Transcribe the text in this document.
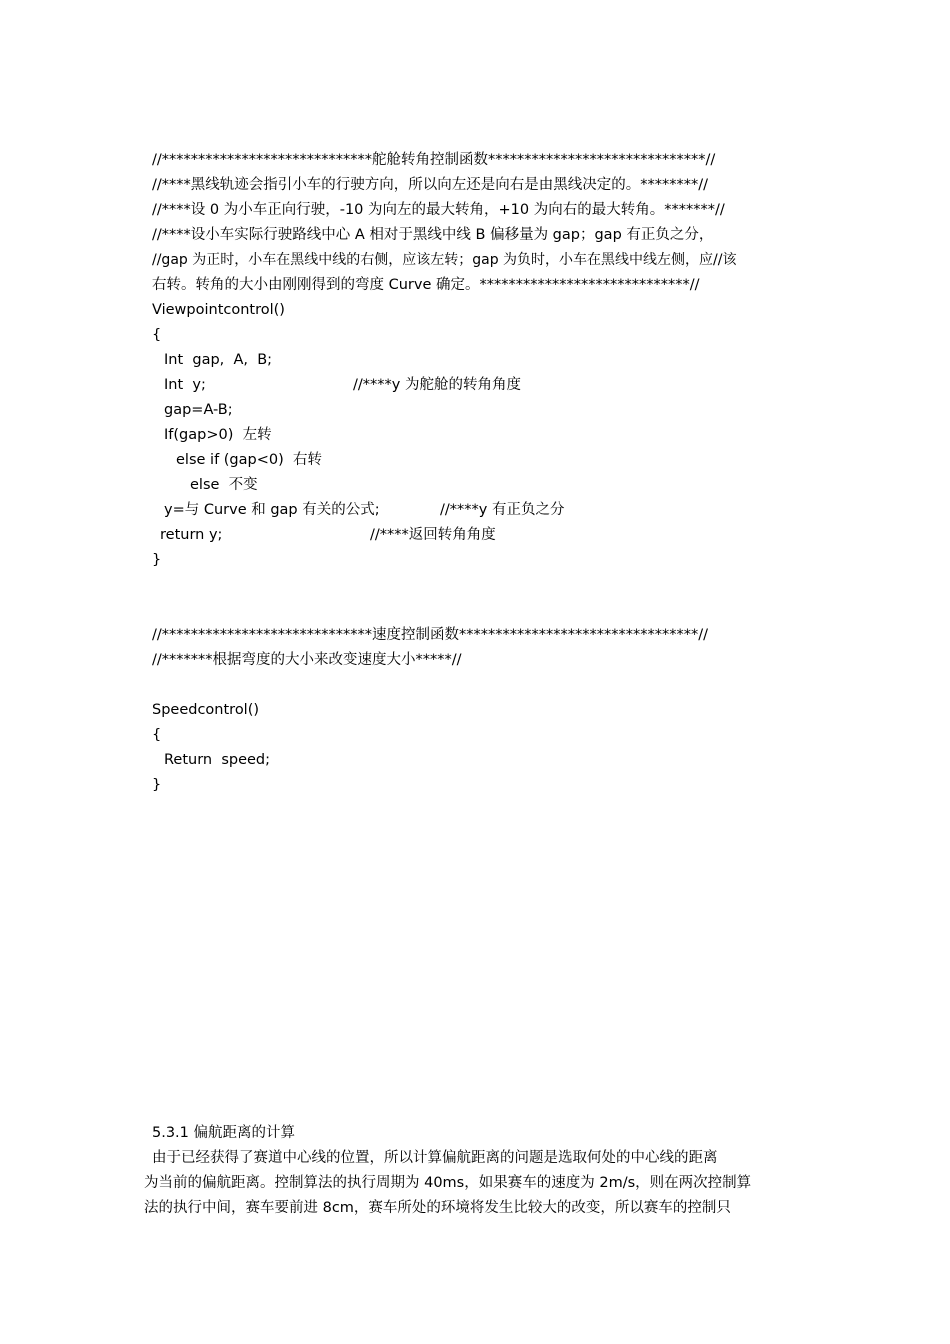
//*****************************舵舱转角控制函数******************************//
//****黑线轨迹会指引小车的行驶方向，所以向左还是向右是由黑线决定的。********//
//****设 0 为小车正向行驶，-10 为向左的最大转角，+10 为向右的最大转角。*******//
//****设小车实际行驶路线中心 A 相对于黑线中线 B 偏移量为 gap；gap 有正负之分，
//gap 为正时，小车在黑线中线的右侧，应该左转；gap 为负时，小车在黑线中线左侧，应//该
右转。转角的大小由刚刚得到的弯度 Curve 确定。*****************************//
Viewpointcontrol()
{
Int  gap,  A,  B;
Int  y;	//****y 为舵舱的转角角度
gap=A-B;
If(gap>0)  左转
else if (gap<0)  右转
else  不变
y=与 Curve 和 gap 有关的公式;	//****y 有正负之分
return y;	//****返回转角角度
}
//*****************************速度控制函数*********************************//
//*******根据弯度的大小来改变速度大小*****//
Speedcontrol()
{
Return  speed;
}
5.3.1 偏航距离的计算
由于已经获得了赛道中心线的位置，所以计算偏航距离的问题是选取何处的中心线的距离
为当前的偏航距离。控制算法的执行周期为 40ms，如果赛车的速度为 2m/s，则在两次控制算
法的执行中间，赛车要前进 8cm，赛车所处的环境将发生比较大的改变，所以赛车的控制只
